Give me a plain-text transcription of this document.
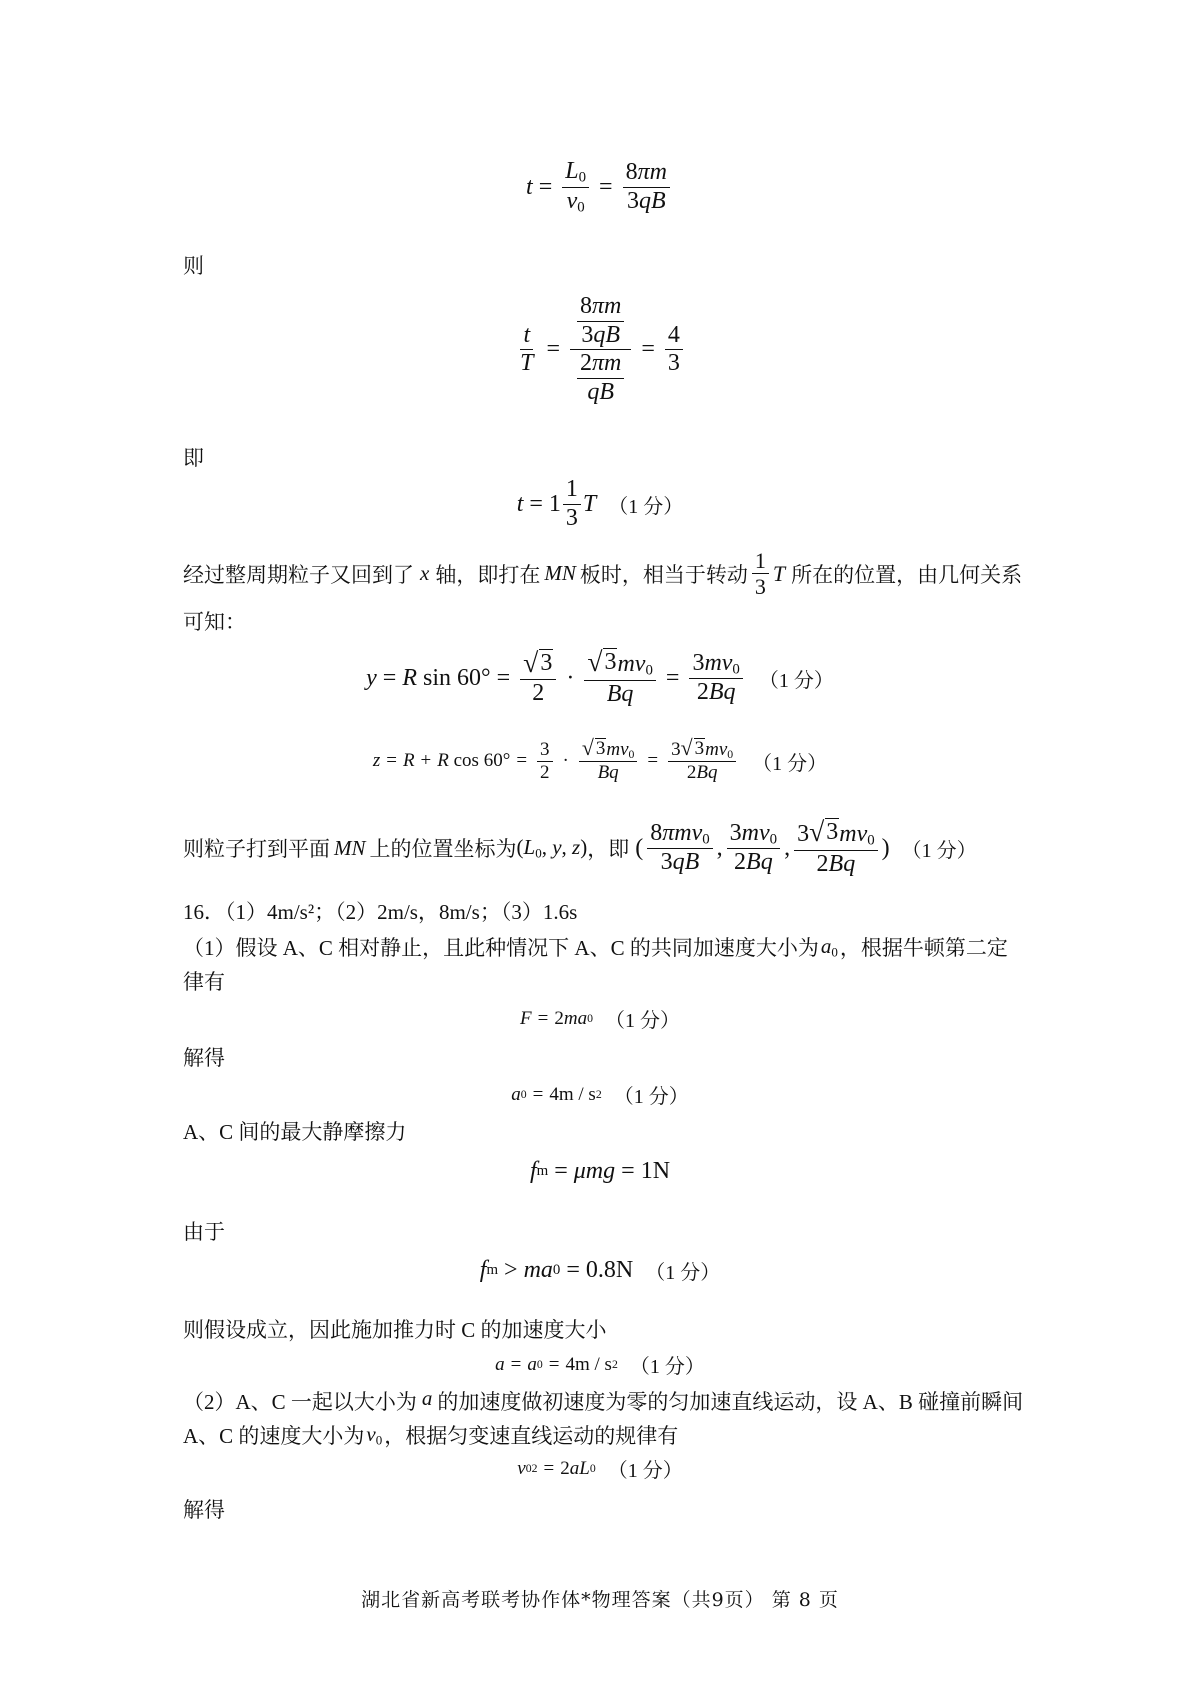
$t = \frac{L_0}{v_0} = \frac{8\pi m}{3qB}$
则
$\frac{t}{T} = \frac{\frac{8\pi m}{3qB}}{\frac{2\pi m}{qB}} = \frac{4}{3}$
即
$t = 1 \frac{1}{3}$ T （1 分）
经过整周期粒子又回到了 x 轴，即打在 MN 板时，相当于转动 $\frac{1}{3}$ T 所在的位置，由几何关系
可知：
y = R $\sin 60^\circ = \frac{√ 3}{2} \cdot \frac{√ 3 mv_0}{Bq} = \frac{3mv_0}{2Bq} (1$ 分）
z = R + R $\cos 60^\circ = \frac{3}{2} \cdot \frac{√ 3 mv_0}{Bq} = \frac{3 √ 3 mv_0}{2Bq} (1$ 分）
则粒子打到平面 MN 上的位置坐标为 ($L_0$, y, z) ，即 ( $\frac{8\pi mv_0}{3qB}$ , $\frac{3mv_0}{2Bq}$ , $\frac{3 √ 3 mv_0}{2Bq}$ ) （1 分）
16．（1）4m/s²；（2）2m/s，8m/s；（3）1.6s
（1）假设 A、C 相对静止，且此种情况下 A、C 的共同加速度大小为 $a_0$ ，根据牛顿第二定
律有
F = 2 ma 0 （1 分）
解得
a 0 = 4m / s 2 （1 分）
A、C 间的最大静摩擦力
f m = μmg = 1N
由于
f m > ma 0 = 0.8N （1 分）
则假设成立，因此施加推力时 C 的加速度大小
a = a 0 = 4m / s 2 （1 分）
（2）A、C 一起以大小为 a 的加速度做初速度为零的匀加速直线运动，设 A、B 碰撞前瞬间
A、C 的速度大小为 $v_0$ ，根据匀变速直线运动的规律有
v 0 2 = 2 aL 0 （1 分）
解得
湖北省新高考联考协作体*物理答案（共9页） 第 8 页
